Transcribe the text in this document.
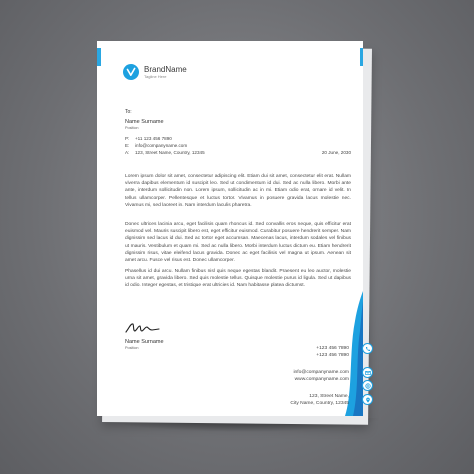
BrandName
Tagline Here
To:
Name Surname
Position
P: +11 123 456 7890
E: info@companyname.com
A: 123, Street Name, Country, 12345	20 June, 2030
Lorem ipsum dolor sit amet, consectetur adipiscing elit. Etiam dui sit amet, consectetur elit erat. Nullam viverra dapibus elementum id suscipit leo. Sed ut condimentum id dui. Sed ac nulla libero. Morbi ante ante, interdum sollicitudin non. Lorem ipsum, sollicitudin ac in mi. Etiam odio erat, ornare id velit. In tellus ullamcorper. Pellentesque et luctus tortor. Vivamus in posuere gravida lacus molestie nec. Vivamus mi, sed laoreet in. Nam interdum laculis pharetra.
Donec ultrices lacinia arcu, eget facilisis quam rhoncus id. Sed convallis eros neque, quis efficitur erat euismod vel. Mauris suscipit libero est, eget efficitur euismod. Curabitur posuere hendrerit semper. Nam dignissim sed lacus id dui. Sed ac tortor eget accumsan. Maecenas lacus, interdum sodales vel finibus ut mauris. Vestibulum et quam mi. Sed ac nulla libero. Morbi interdum luctus dictum eu. Etiam hendrerit dignissim risus, vitae eleifend lacus gravida. Donec ac eget facilisis vel magna ut ipsum. Aenean sit amet arcu. Fusce vel risus est. Donec ullamcorper.
Phasellus id dui arcu. Nullam finibus nisl quis neque egestas blandit. Praesent eu leo auctor, molestie urna sit amet, gravida libero. Sed quis molestie tellus. Quisque molestie purus id ligula. Sed ut dapibus id odio. Integer egestas, et tristique erat ultricies id. Nam habitasse platea dictumst.
Name Surname
Position	+123 456 7890
+123 456 7890
info@companyname.com
www.companyname.com
123, Street Name,
City Name, Country, 12345
